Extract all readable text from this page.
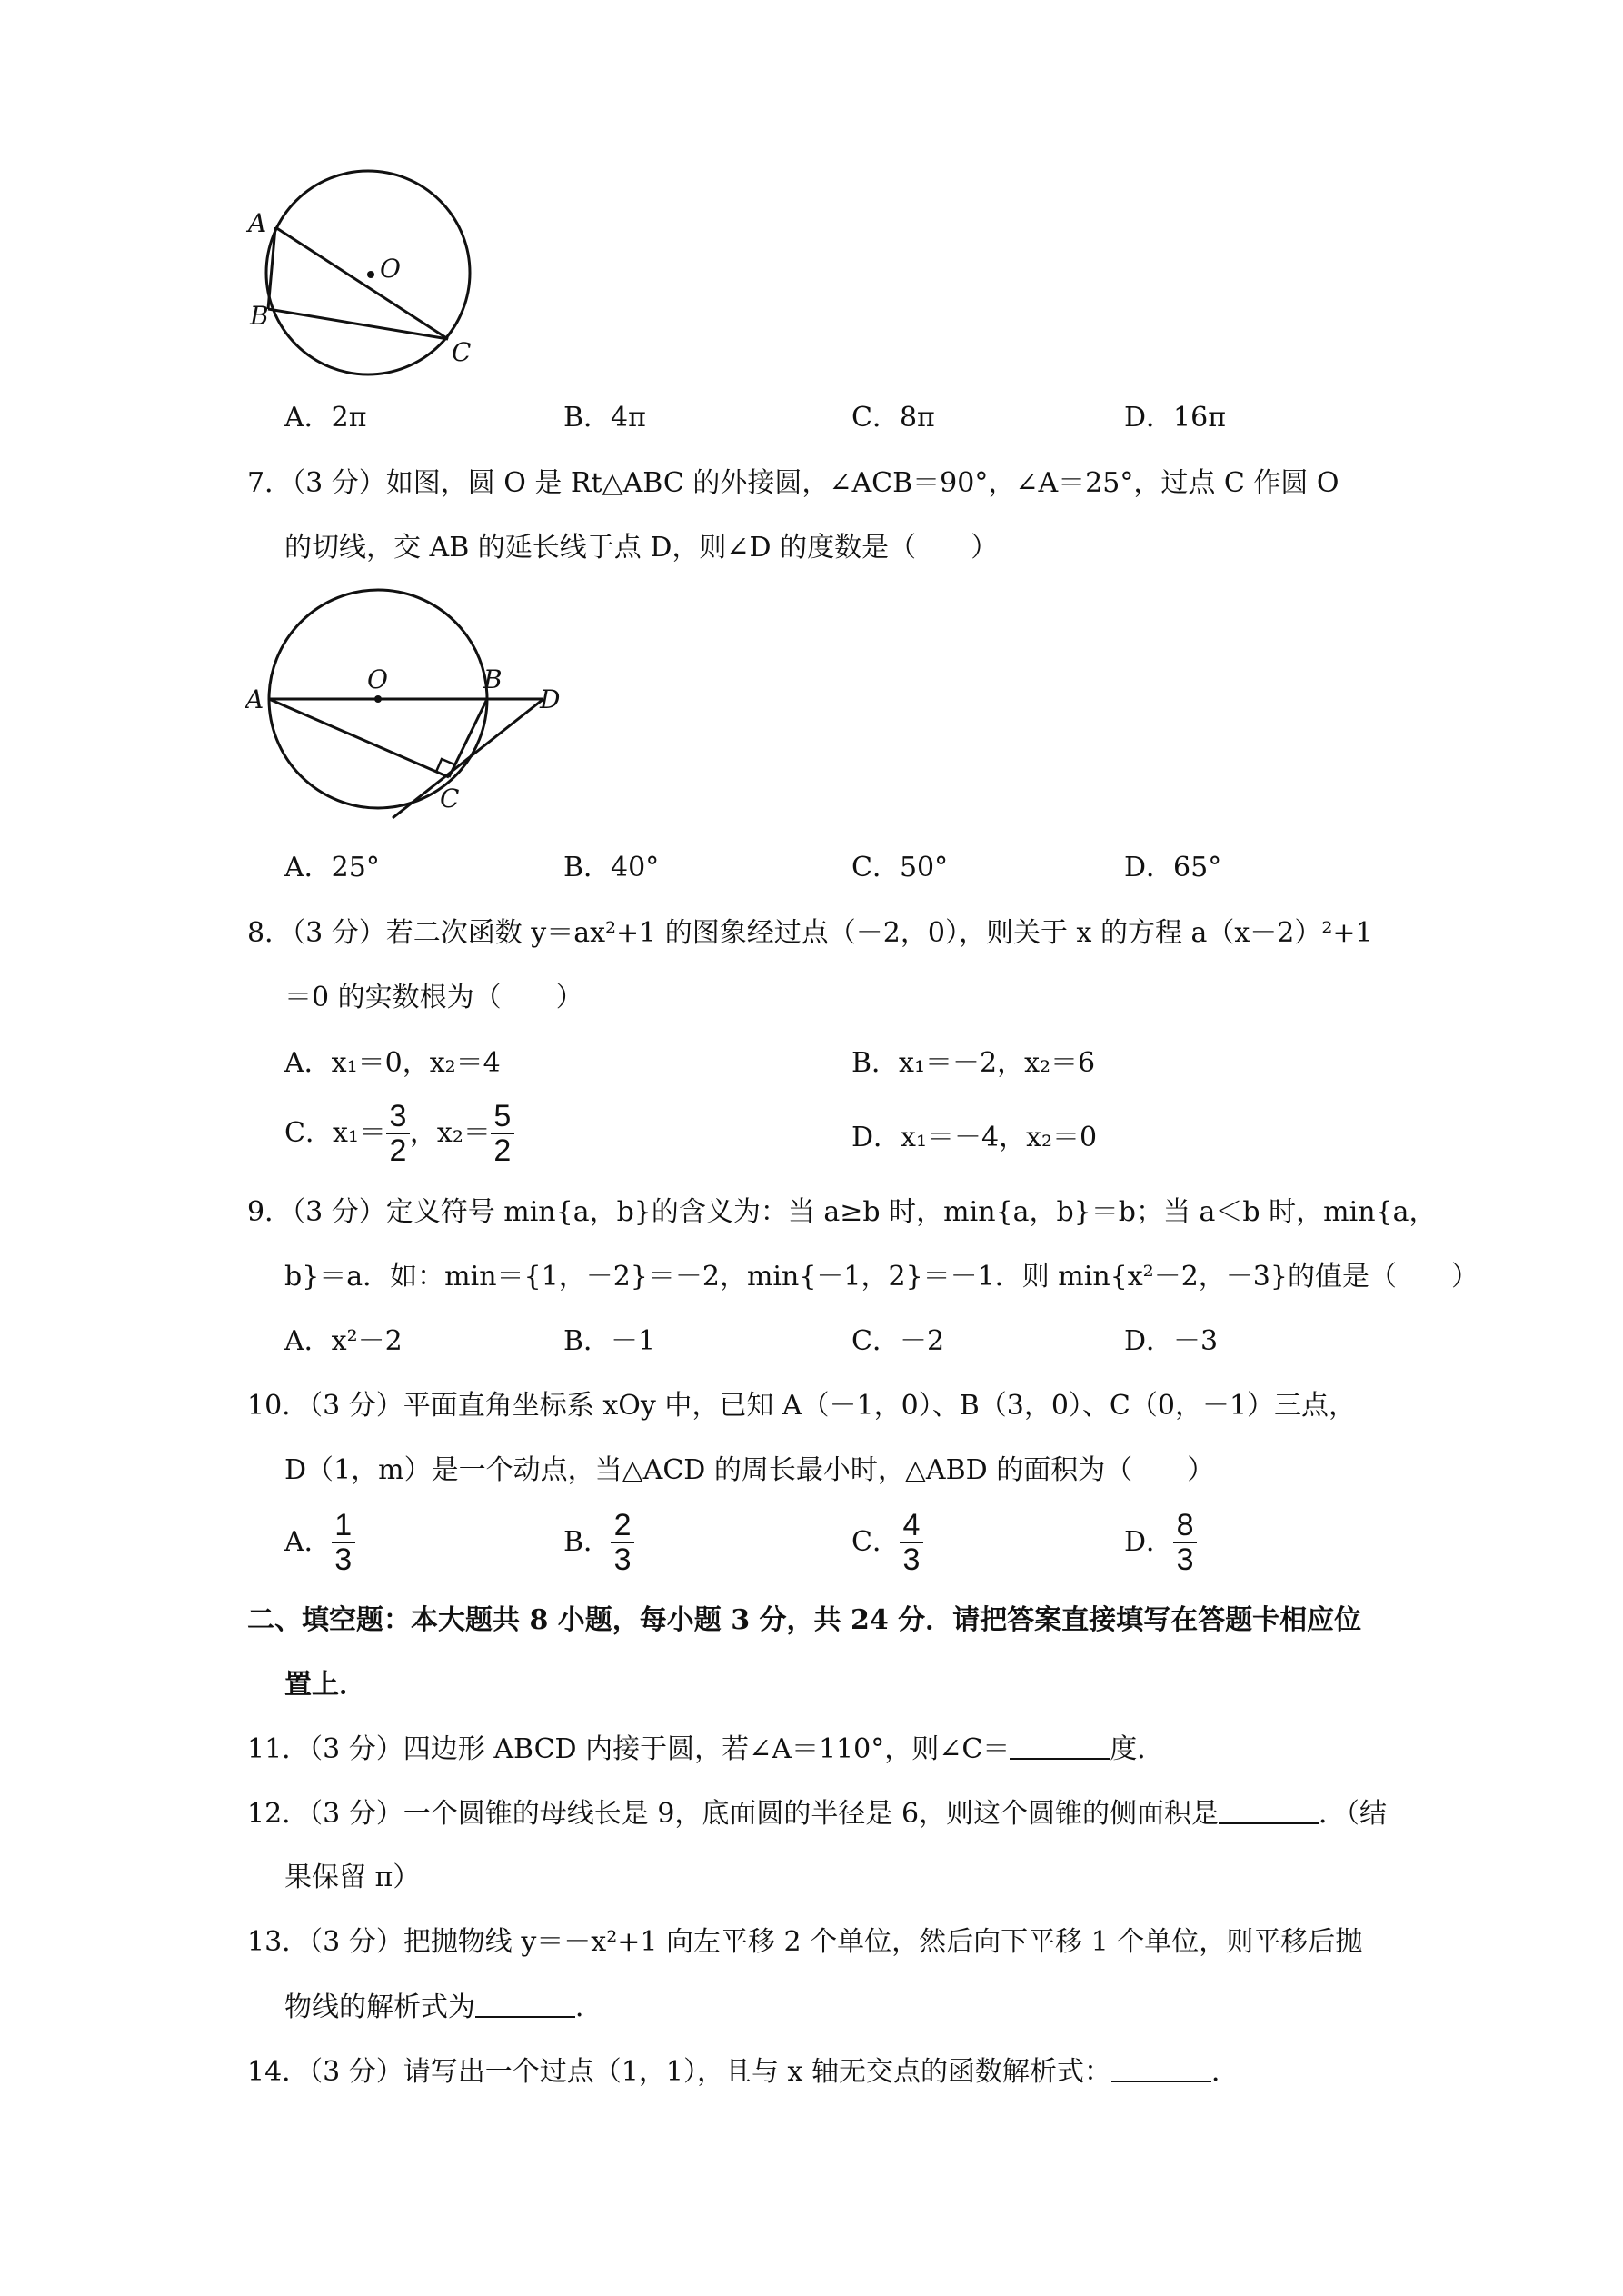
A
B
C
O
A．2π	B．4π	C．8π	D．16π
7．（3 分）如图，圆 O 是 Rt△ABC 的外接圆，∠ACB＝90°，∠A＝25°，过点 C 作圆 O
的切线，交 AB 的延长线于点 D，则∠D 的度数是（　　）
A
O	B
D
C
A．25°	B．40°	C．50°	D．65°
8．（3 分）若二次函数 y＝ax²+1 的图象经过点（－2，0），则关于 x 的方程 a（x－2）²+1
＝0 的实数根为（　　）
A．x₁＝0，x₂＝4	B．x₁＝－2，x₂＝6
C．$x_1= \frac{3}{2}$ ，$x_2= \frac{5}{2}$	D．x₁＝－4，x₂＝0
9．（3 分）定义符号 min{a，b}的含义为：当 a≥b 时，min{a，b}＝b；当 a＜b 时，min{a，
b}＝a．如：min＝{1，－2}＝－2，min{－1，2}＝－1．则 min{x²－2，－3}的值是（　　）
A．x²－2	B．－1	C．－2	D．－3
10．（3 分）平面直角坐标系 xOy 中，已知 A（－1，0）、B（3，0）、C（0，－1）三点，
D（1，m）是一个动点，当△ACD 的周长最小时，△ABD 的面积为（　　）
A． $\frac{1}{3}$	B． $\frac{2}{3}$	C． $\frac{4}{3}$	D． $\frac{8}{3}$
二、填空题：本大题共 8 小题，每小题 3 分，共 24 分．请把答案直接填写在答题卡相应位
置上．
11．（3 分）四边形 ABCD 内接于圆，若∠A＝110°，则∠C＝	度．
12．（3 分）一个圆锥的母线长是 9，底面圆的半径是 6，则这个圆锥的侧面积是	．（结
果保留 π）
13．（3 分）把抛物线 y＝－x²+1 向左平移 2 个单位，然后向下平移 1 个单位，则平移后抛
物线的解析式为	．
14．（3 分）请写出一个过点（1，1），且与 x 轴无交点的函数解析式：	．
